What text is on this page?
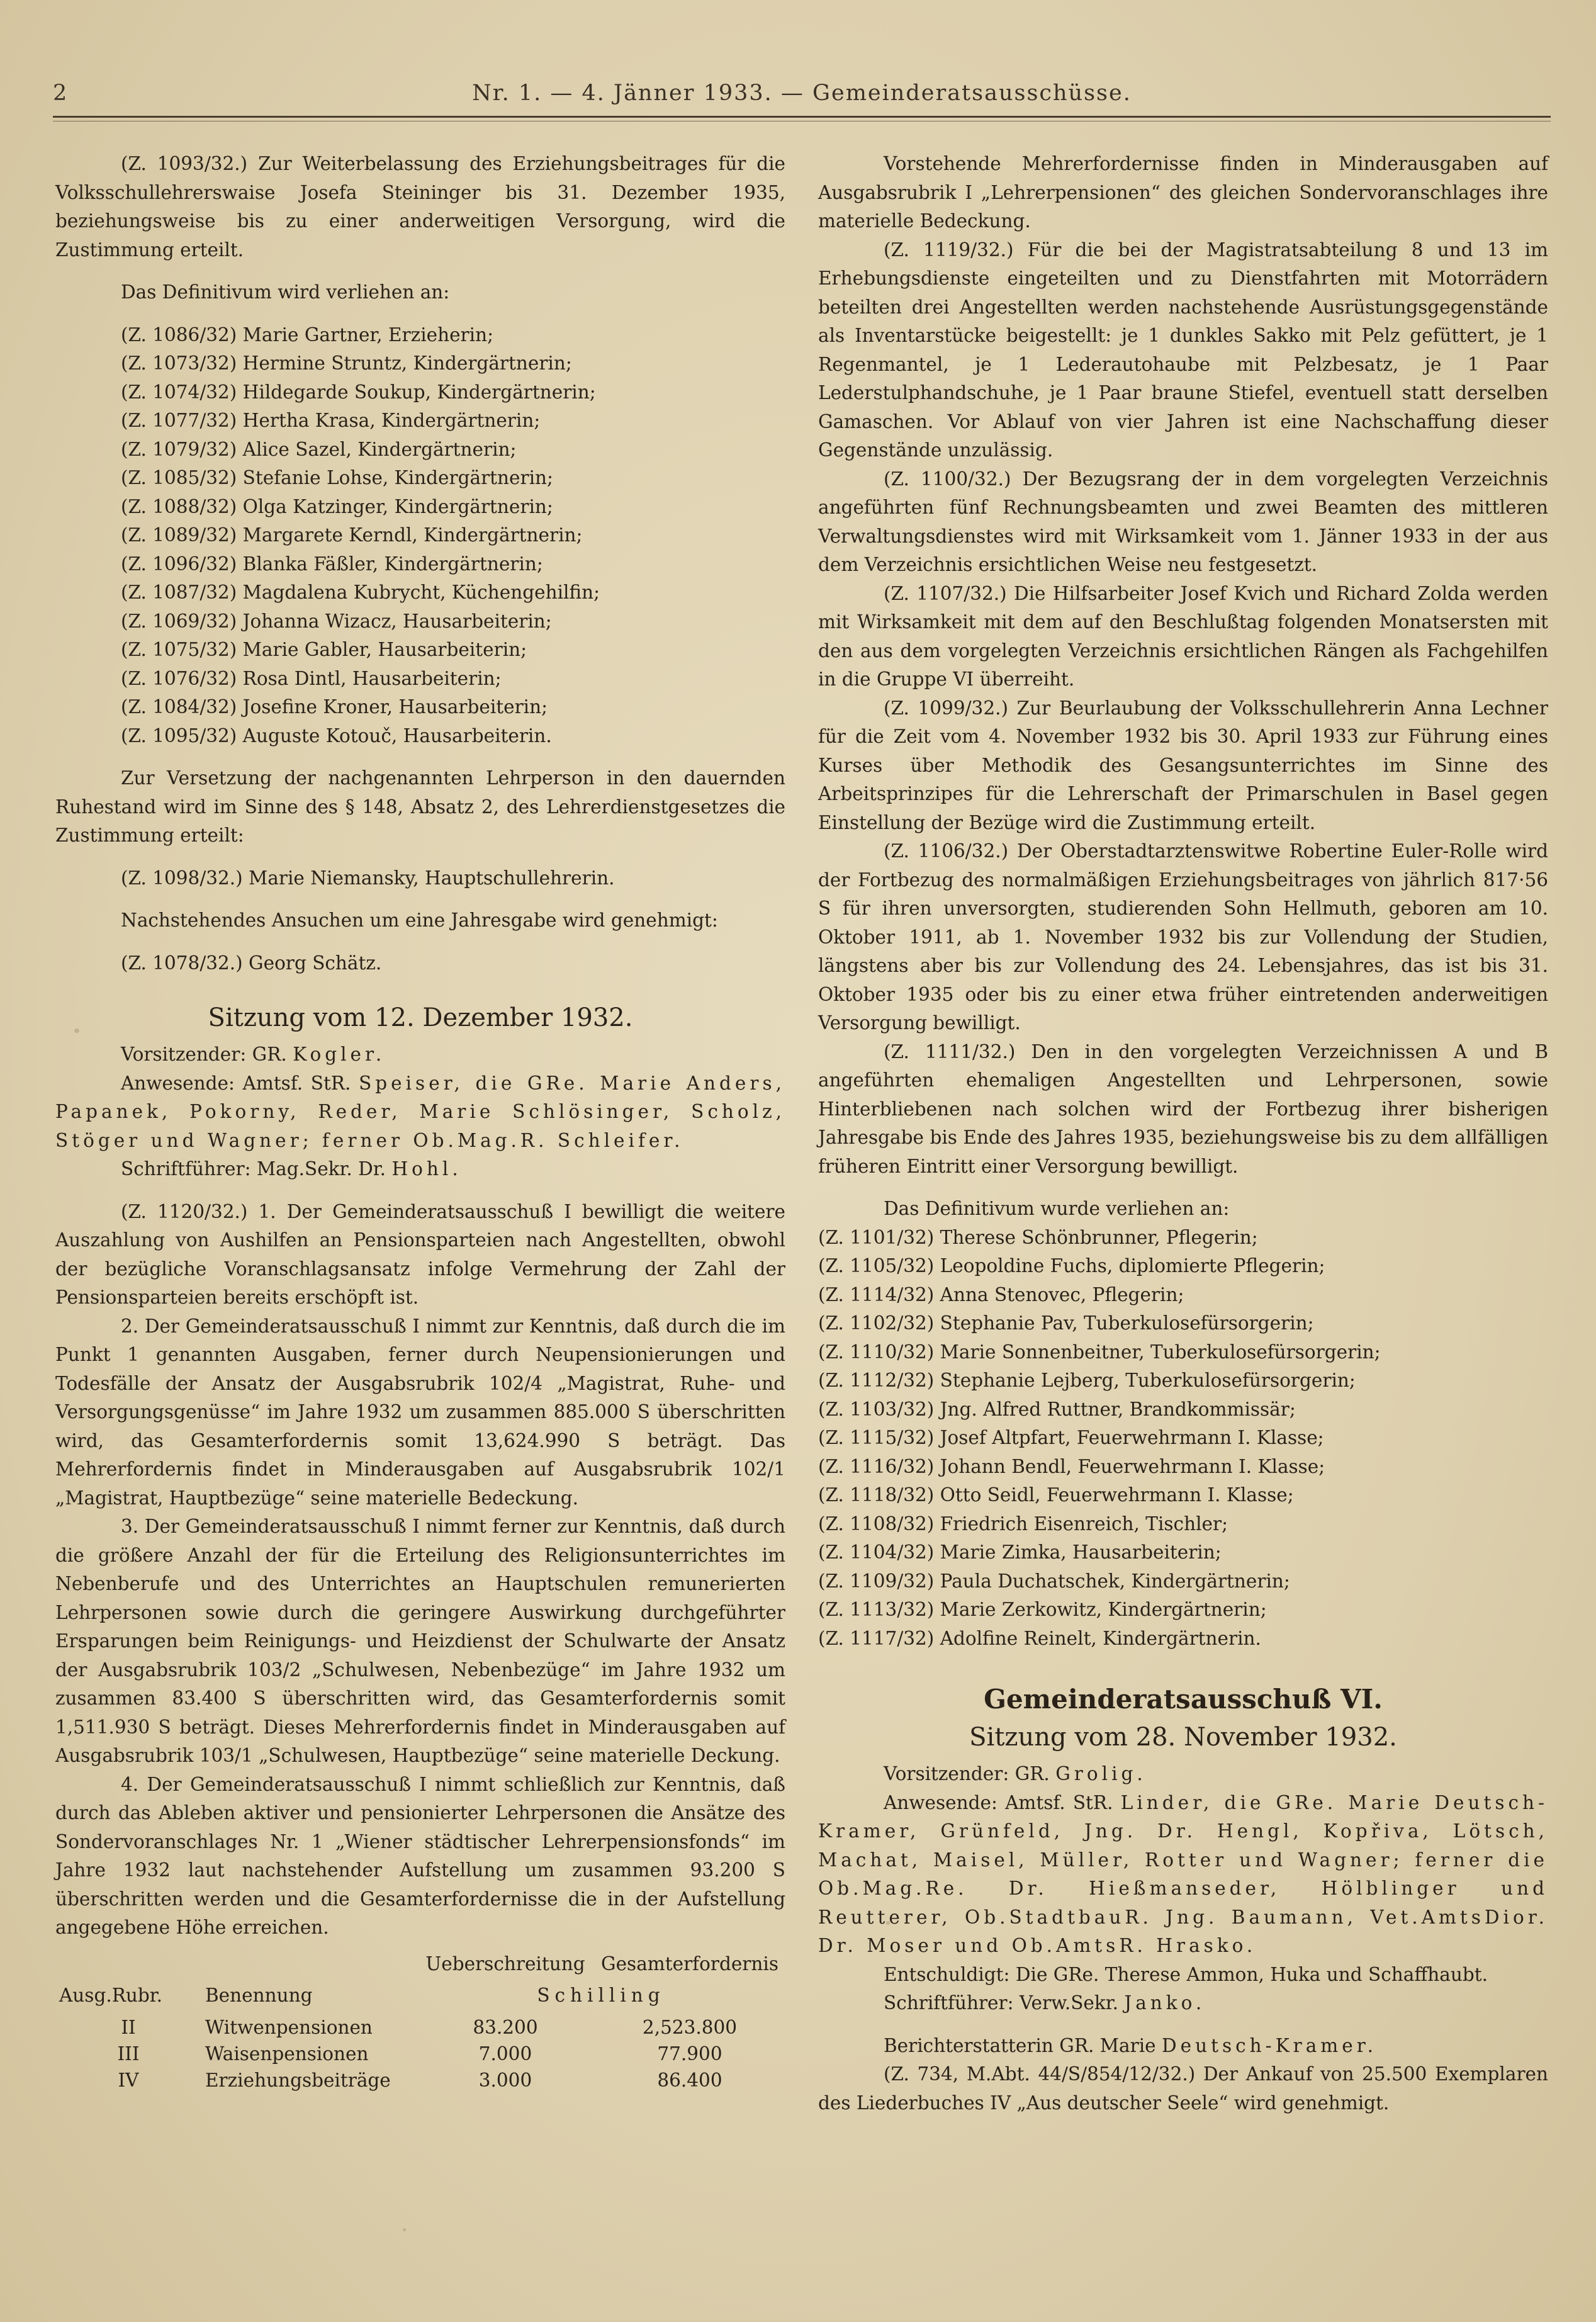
2	Nr. 1. — 4. Jänner 1933. — Gemeinderatsausschüsse.

(Z. 1093/32.) Zur Weiterbelassung des Erziehungsbeitrages für die Volksschullehrerswaise Josefa Steininger bis 31. Dezember 1935, beziehungsweise bis zu einer anderweitigen Versorgung, wird die Zustimmung erteilt.

Das Definitivum wird verliehen an:

(Z. 1086/32) Marie Gartner, Erzieherin;
(Z. 1073/32) Hermine Struntz, Kindergärtnerin;
(Z. 1074/32) Hildegarde Soukup, Kindergärtnerin;
(Z. 1077/32) Hertha Krasa, Kindergärtnerin;
(Z. 1079/32) Alice Sazel, Kindergärtnerin;
(Z. 1085/32) Stefanie Lohse, Kindergärtnerin;
(Z. 1088/32) Olga Katzinger, Kindergärtnerin;
(Z. 1089/32) Margarete Kerndl, Kindergärtnerin;
(Z. 1096/32) Blanka Fäßler, Kindergärtnerin;
(Z. 1087/32) Magdalena Kubrycht, Küchengehilfin;
(Z. 1069/32) Johanna Wizacz, Hausarbeiterin;
(Z. 1075/32) Marie Gabler, Hausarbeiterin;
(Z. 1076/32) Rosa Dintl, Hausarbeiterin;
(Z. 1084/32) Josefine Kroner, Hausarbeiterin;
(Z. 1095/32) Auguste Kotouč, Hausarbeiterin.

Zur Versetzung der nachgenannten Lehrperson in den dauernden Ruhestand wird im Sinne des § 148, Absatz 2, des Lehrerdienstgesetzes die Zustimmung erteilt:

(Z. 1098/32.) Marie Niemansky, Hauptschullehrerin.

Nachstehendes Ansuchen um eine Jahresgabe wird genehmigt:

(Z. 1078/32.) Georg Schätz.

Sitzung vom 12. Dezember 1932.

Vorsitzender: GR. Kogler.

Anwesende: Amtsf. StR. Speiser, die GRe. Marie Anders, Papanek, Pokorny, Reder, Marie Schlösinger, Scholz, Stöger und Wagner; ferner Ob.Mag.R. Schleifer.

Schriftführer: Mag.Sekr. Dr. Hohl.

(Z. 1120/32.) 1. Der Gemeinderatsausschuß I bewilligt die weitere Auszahlung von Aushilfen an Pensionsparteien nach Angestellten, obwohl der bezügliche Voranschlagsansatz infolge Vermehrung der Zahl der Pensionsparteien bereits erschöpft ist.

2. Der Gemeinderatsausschuß I nimmt zur Kenntnis, daß durch die im Punkt 1 genannten Ausgaben, ferner durch Neupensionierungen und Todesfälle der Ansatz der Ausgabsrubrik 102/4 „Magistrat, Ruhe- und Versorgungsgenüsse“ im Jahre 1932 um zusammen 885.000 S überschritten wird, das Gesamterfordernis somit 13,624.990 S beträgt. Das Mehrerfordernis findet in Minderausgaben auf Ausgabsrubrik 102/1 „Magistrat, Hauptbezüge“ seine materielle Bedeckung.

3. Der Gemeinderatsausschuß I nimmt ferner zur Kenntnis, daß durch die größere Anzahl der für die Erteilung des Religionsunterrichtes im Nebenberufe und des Unterrichtes an Hauptschulen remunerierten Lehrpersonen sowie durch die geringere Auswirkung durchgeführter Ersparungen beim Reinigungs- und Heizdienst der Schulwarte der Ansatz der Ausgabsrubrik 103/2 „Schulwesen, Nebenbezüge“ im Jahre 1932 um zusammen 83.400 S überschritten wird, das Gesamterfordernis somit 1,511.930 S beträgt. Dieses Mehrerfordernis findet in Minderausgaben auf Ausgabsrubrik 103/1 „Schulwesen, Hauptbezüge“ seine materielle Deckung.

4. Der Gemeinderatsausschuß I nimmt schließlich zur Kenntnis, daß durch das Ableben aktiver und pensionierter Lehrpersonen die Ansätze des Sondervoranschlages Nr. 1 „Wiener städtischer Lehrerpensionsfonds“ im Jahre 1932 laut nachstehender Aufstellung um zusammen 93.200 S überschritten werden und die Gesamterfordernisse die in der Aufstellung angegebene Höhe erreichen.

Ausg.Rubr.	Benennung	Ueberschreitung	Gesamterfordernis
		Schilling	
II	Witwenpensionen	83.200	2,523.800
III	Waisenpensionen	7.000	77.900
IV	Erziehungsbeiträge	3.000	86.400

Vorstehende Mehrerfordernisse finden in Minderausgaben auf Ausgabsrubrik I „Lehrerpensionen“ des gleichen Sondervoranschlages ihre materielle Bedeckung.

(Z. 1119/32.) Für die bei der Magistratsabteilung 8 und 13 im Erhebungsdienste eingeteilten und zu Dienstfahrten mit Motorrädern beteilten drei Angestellten werden nachstehende Ausrüstungsgegenstände als Inventarstücke beigestellt: je 1 dunkles Sakko mit Pelz gefüttert, je 1 Regenmantel, je 1 Lederautohaube mit Pelzbesatz, je 1 Paar Lederstulphandschuhe, je 1 Paar braune Stiefel, eventuell statt derselben Gamaschen. Vor Ablauf von vier Jahren ist eine Nachschaffung dieser Gegenstände unzulässig.

(Z. 1100/32.) Der Bezugsrang der in dem vorgelegten Verzeichnis angeführten fünf Rechnungsbeamten und zwei Beamten des mittleren Verwaltungsdienstes wird mit Wirksamkeit vom 1. Jänner 1933 in der aus dem Verzeichnis ersichtlichen Weise neu festgesetzt.

(Z. 1107/32.) Die Hilfsarbeiter Josef Kvich und Richard Zolda werden mit Wirksamkeit mit dem auf den Beschlußtag folgenden Monatsersten mit den aus dem vorgelegten Verzeichnis ersichtlichen Rängen als Fachgehilfen in die Gruppe VI überreiht.

(Z. 1099/32.) Zur Beurlaubung der Volksschullehrerin Anna Lechner für die Zeit vom 4. November 1932 bis 30. April 1933 zur Führung eines Kurses über Methodik des Gesangsunterrichtes im Sinne des Arbeitsprinzipes für die Lehrerschaft der Primarschulen in Basel gegen Einstellung der Bezüge wird die Zustimmung erteilt.

(Z. 1106/32.) Der Oberstadtarztenswitwe Robertine Euler-Rolle wird der Fortbezug des normalmäßigen Erziehungsbeitrages von jährlich 817·56 S für ihren unversorgten, studierenden Sohn Hellmuth, geboren am 10. Oktober 1911, ab 1. November 1932 bis zur Vollendung der Studien, längstens aber bis zur Vollendung des 24. Lebensjahres, das ist bis 31. Oktober 1935 oder bis zu einer etwa früher eintretenden anderweitigen Versorgung bewilligt.

(Z. 1111/32.) Den in den vorgelegten Verzeichnissen A und B angeführten ehemaligen Angestellten und Lehrpersonen, sowie Hinterbliebenen nach solchen wird der Fortbezug ihrer bisherigen Jahresgabe bis Ende des Jahres 1935, beziehungsweise bis zu dem allfälligen früheren Eintritt einer Versorgung bewilligt.

Das Definitivum wurde verliehen an:

(Z. 1101/32) Therese Schönbrunner, Pflegerin;
(Z. 1105/32) Leopoldine Fuchs, diplomierte Pflegerin;
(Z. 1114/32) Anna Stenovec, Pflegerin;
(Z. 1102/32) Stephanie Pav, Tuberkulosefürsorgerin;
(Z. 1110/32) Marie Sonnenbeitner, Tuberkulosefürsorgerin;
(Z. 1112/32) Stephanie Lejberg, Tuberkulosefürsorgerin;
(Z. 1103/32) Jng. Alfred Ruttner, Brandkommissär;
(Z. 1115/32) Josef Altpfart, Feuerwehrmann I. Klasse;
(Z. 1116/32) Johann Bendl, Feuerwehrmann I. Klasse;
(Z. 1118/32) Otto Seidl, Feuerwehrmann I. Klasse;
(Z. 1108/32) Friedrich Eisenreich, Tischler;
(Z. 1104/32) Marie Zimka, Hausarbeiterin;
(Z. 1109/32) Paula Duchatschek, Kindergärtnerin;
(Z. 1113/32) Marie Zerkowitz, Kindergärtnerin;
(Z. 1117/32) Adolfine Reinelt, Kindergärtnerin.
Gemeinderatsausschuß VI.
Sitzung vom 28. November 1932.

Vorsitzender: GR. Grolig.

Anwesende: Amtsf. StR. Linder, die GRe. Marie Deutsch-Kramer, Grünfeld, Jng. Dr. Hengl, Kopřiva, Lötsch, Machat, Maisel, Müller, Rotter und Wagner; ferner die Ob.Mag.Re. Dr. Hießmanseder, Hölblinger und Reutterer, Ob.StadtbauR. Jng. Baumann, Vet.AmtsDior. Dr. Moser und Ob.AmtsR. Hrasko.

Entschuldigt: Die GRe. Therese Ammon, Huka und Schaffhaubt.

Schriftführer: Verw.Sekr. Janko.

Berichterstatterin GR. Marie Deutsch-Kramer.

(Z. 734, M.Abt. 44/S/854/12/32.) Der Ankauf von 25.500 Exemplaren des Liederbuches IV „Aus deutscher Seele“ wird genehmigt.
